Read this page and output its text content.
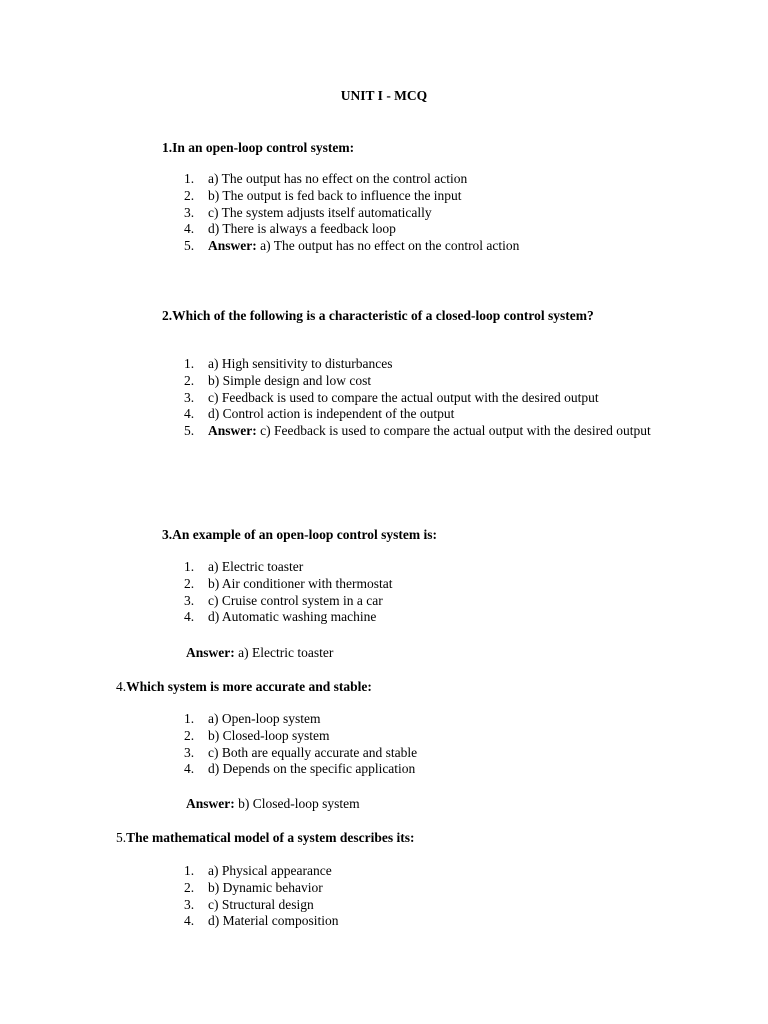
UNIT I - MCQ
1.In an open-loop control system:
1. a) The output has no effect on the control action
2. b) The output is fed back to influence the input
3. c) The system adjusts itself automatically
4. d) There is always a feedback loop
5. Answer: a) The output has no effect on the control action
2.Which of the following is a characteristic of a closed-loop control system?
1. a) High sensitivity to disturbances
2. b) Simple design and low cost
3. c) Feedback is used to compare the actual output with the desired output
4. d) Control action is independent of the output
5. Answer: c) Feedback is used to compare the actual output with the desired output
3.An example of an open-loop control system is:
1. a) Electric toaster
2. b) Air conditioner with thermostat
3. c) Cruise control system in a car
4. d) Automatic washing machine
Answer: a) Electric toaster
4.Which system is more accurate and stable:
1. a) Open-loop system
2. b) Closed-loop system
3. c) Both are equally accurate and stable
4. d) Depends on the specific application
Answer: b) Closed-loop system
5.The mathematical model of a system describes its:
1. a) Physical appearance
2. b) Dynamic behavior
3. c) Structural design
4. d) Material composition
